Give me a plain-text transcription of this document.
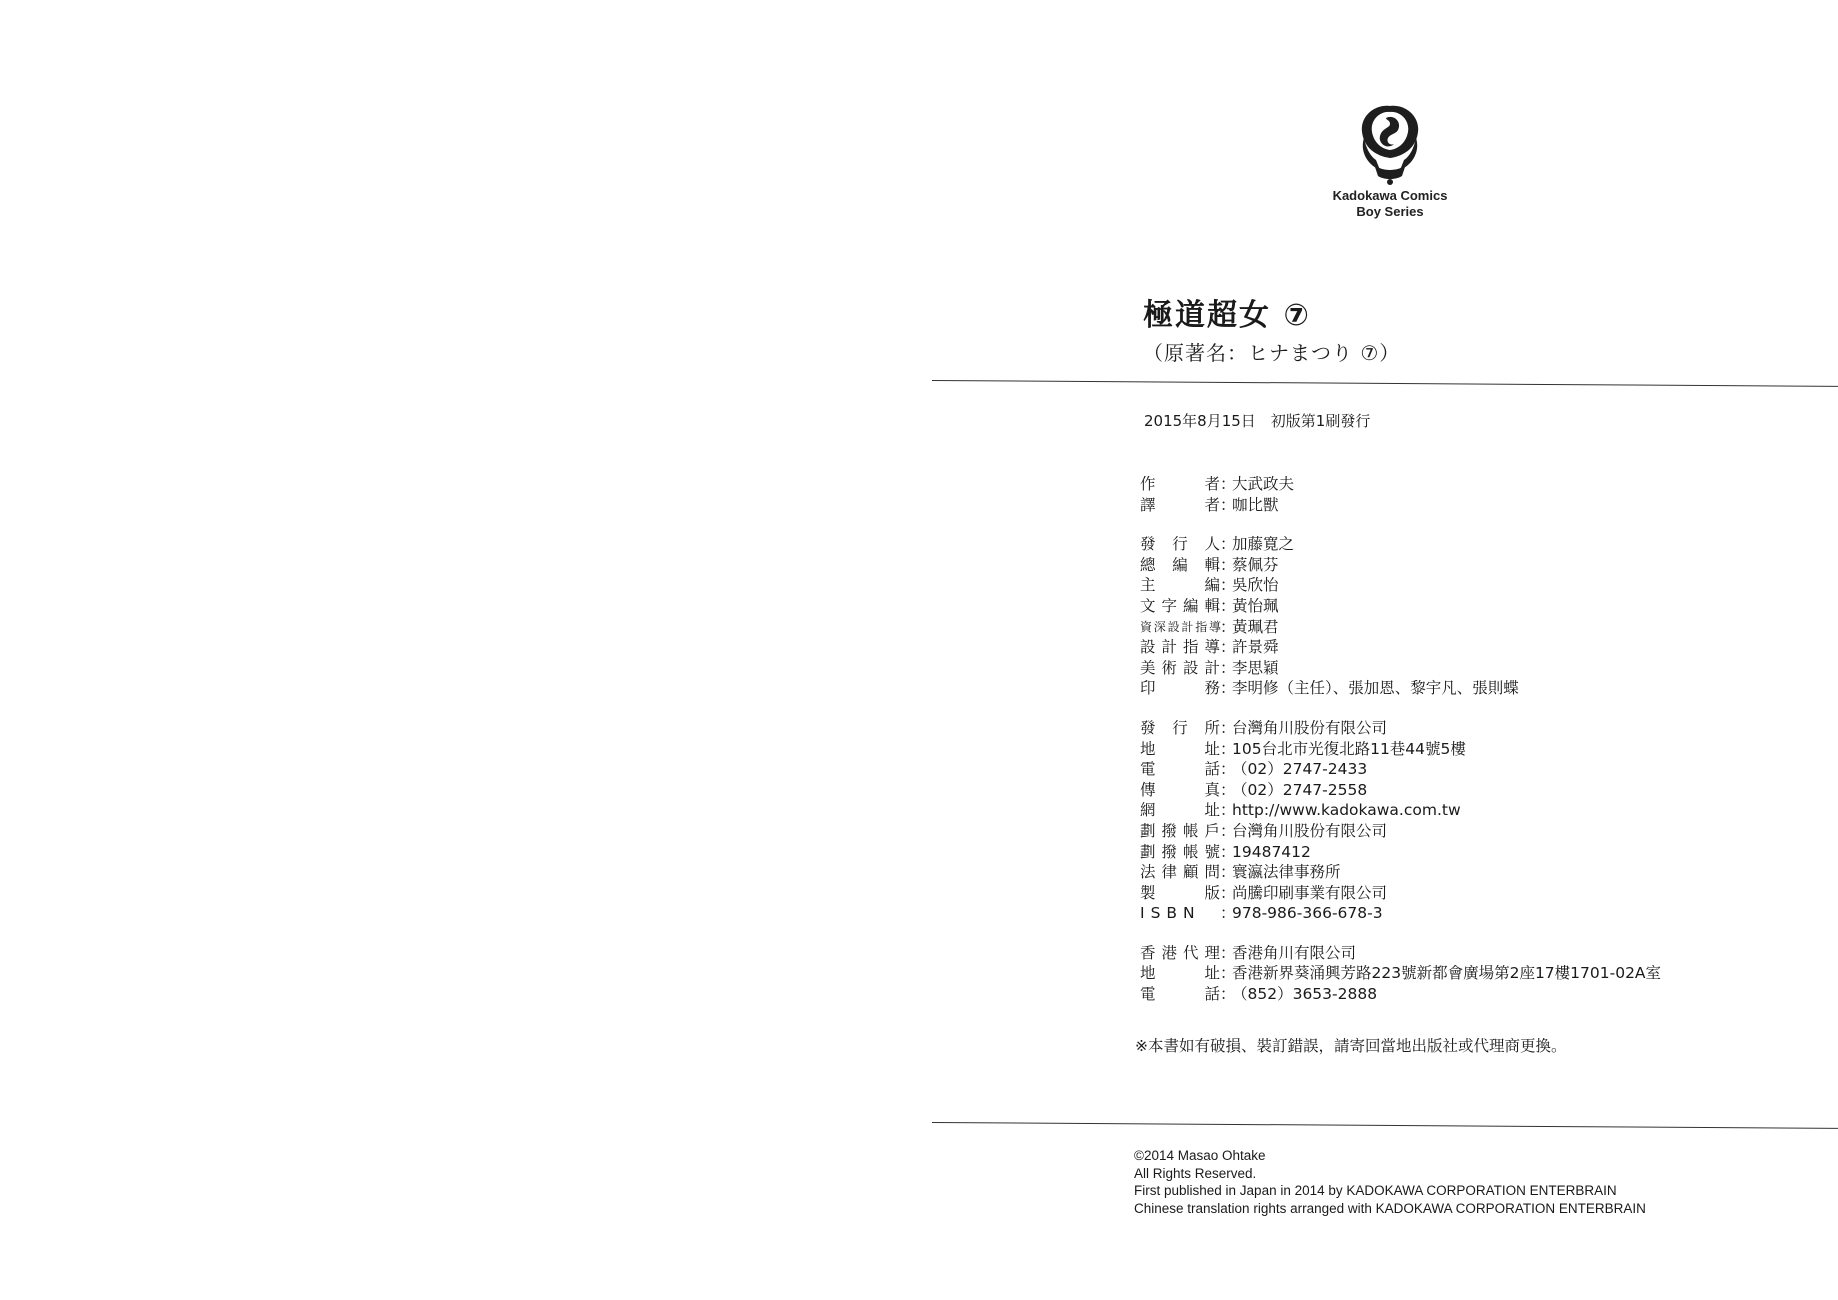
Kadokawa Comics
Boy Series
極道超女 ⑦
（原著名：ヒナまつり ⑦）
2015年8月15日　初版第1刷發行
作者 ：
大武政夫
譯者 ：
咖比獸
發行人 ：
加藤寛之
總編輯 ：
蔡佩芬
主編 ：
吳欣怡
文字編輯 ：
黃怡珮
資深設計指導 ：
黃珮君
設計指導 ：
許景舜
美術設計 ：
李思穎
印務 ：
李明修（主任）、張加恩、黎宇凡、張則蝶
發行所 ：
台灣角川股份有限公司
地址 ：
105台北市光復北路11巷44號5樓
電話 ：
（02）2747-2433
傳真 ：
（02）2747-2558
網址 ：
http://www.kadokawa.com.tw
劃撥帳戶 ：
台灣角川股份有限公司
劃撥帳號 ：
19487412
法律顧問 ：
寰瀛法律事務所
製版 ：
尚騰印刷事業有限公司
ISBN	：
978-986-366-678-3
香港代理 ：
香港角川有限公司
地址 ：
香港新界葵涌興芳路223號新都會廣場第2座17樓1701-02A室
電話 ：
（852）3653-2888
※本書如有破損、裝訂錯誤，請寄回當地出版社或代理商更換。
©2014 Masao Ohtake
All Rights Reserved.
First published in Japan in 2014 by KADOKAWA CORPORATION ENTERBRAIN
Chinese translation rights arranged with KADOKAWA CORPORATION ENTERBRAIN
